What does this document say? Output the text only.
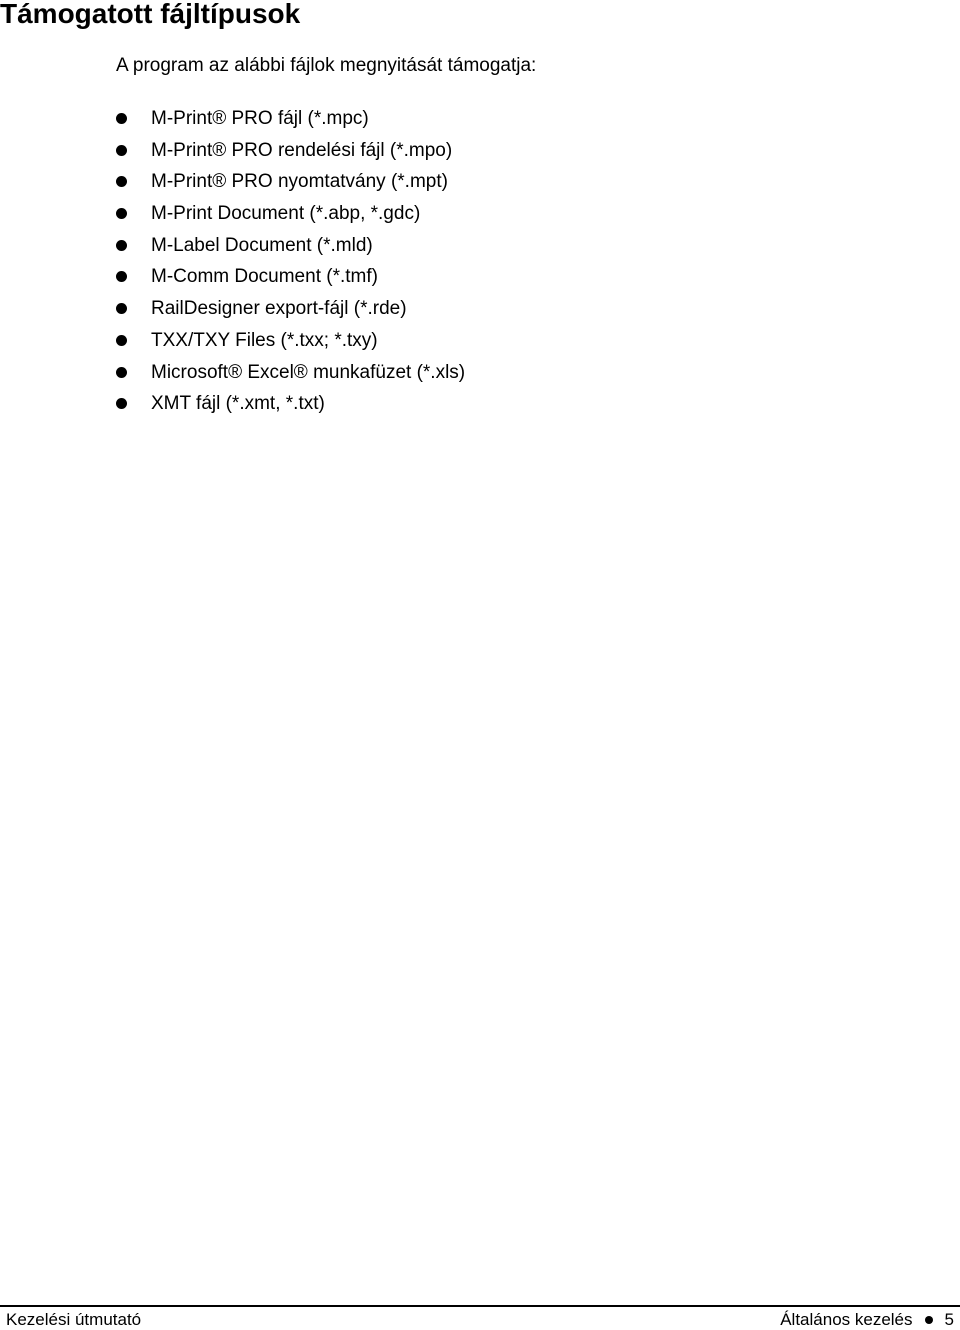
Támogatott fájltípusok

A program az alábbi fájlok megnyitását támogatja:

M-Print® PRO fájl (*.mpc)
M-Print® PRO rendelési fájl (*.mpo)
M-Print® PRO nyomtatvány (*.mpt)
M-Print Document (*.abp, *.gdc)
M-Label Document (*.mld)
M-Comm Document (*.tmf)
RailDesigner export-fájl (*.rde)
TXX/TXY Files (*.txx; *.txy)
Microsoft® Excel® munkafüzet (*.xls)
XMT fájl (*.xmt, *.txt)
Kezelési útmutató	Általános kezelés 5
